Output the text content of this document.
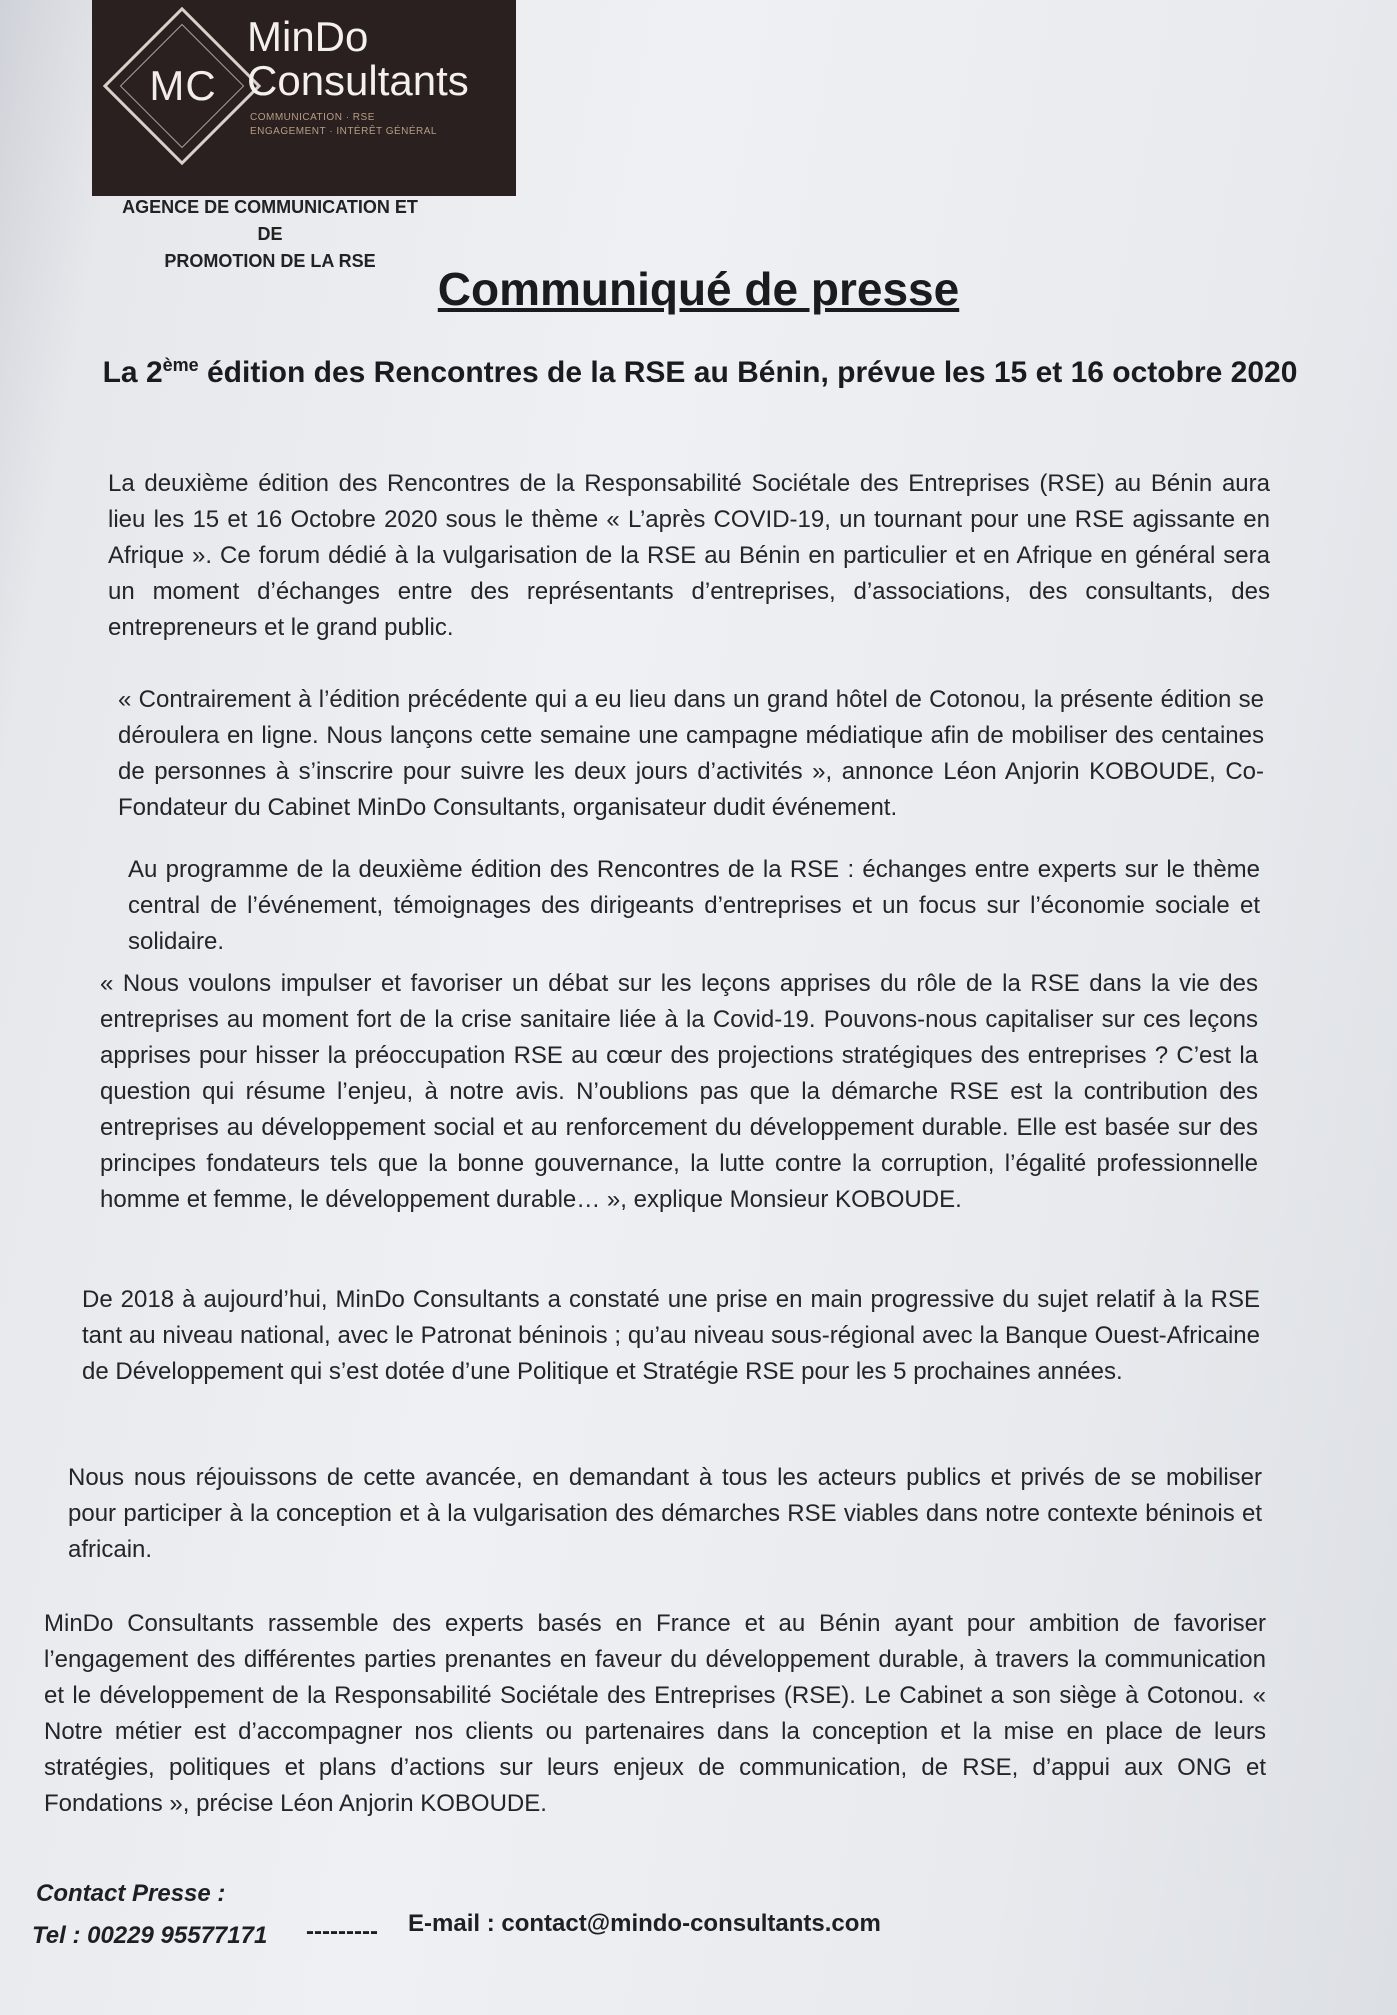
MC
MinDo
Consultants
COMMUNICATION · RSE
ENGAGEMENT · INTÉRÊT GÉNÉRAL
AGENCE DE COMMUNICATION ET DE
PROMOTION DE LA RSE
Communiqué de presse
La 2ème édition des Rencontres de la RSE au Bénin, prévue les 15 et 16 octobre 2020

La deuxième édition des Rencontres de la Responsabilité Sociétale des Entreprises (RSE) au Bénin aura lieu les 15 et 16 Octobre 2020 sous le thème « L’après COVID-19, un tournant pour une RSE agissante en Afrique ». Ce forum dédié à la vulgarisation de la RSE au Bénin en particulier et en Afrique en général sera un moment d’échanges entre des représentants d’entreprises, d’associations, des consultants, des entrepreneurs et le grand public.

« Contrairement à l’édition précédente qui a eu lieu dans un grand hôtel de Cotonou, la présente édition se déroulera en ligne. Nous lançons cette semaine une campagne médiatique afin de mobiliser des centaines de personnes à s’inscrire pour suivre les deux jours d’activités », annonce Léon Anjorin KOBOUDE, Co-Fondateur du Cabinet MinDo Consultants, organisateur dudit événement.

Au programme de la deuxième édition des Rencontres de la RSE : échanges entre experts sur le thème central de l’événement, témoignages des dirigeants d’entreprises et un focus sur l’économie sociale et solidaire.

« Nous voulons impulser et favoriser un débat sur les leçons apprises du rôle de la RSE dans la vie des entreprises au moment fort de la crise sanitaire liée à la Covid-19. Pouvons-nous capitaliser sur ces leçons apprises pour hisser la préoccupation RSE au cœur des projections stratégiques des entreprises ? C’est la question qui résume l’enjeu, à notre avis. N’oublions pas que la démarche RSE est la contribution des entreprises au développement social et au renforcement du développement durable. Elle est basée sur des principes fondateurs tels que la bonne gouvernance, la lutte contre la corruption, l’égalité professionnelle homme et femme, le développement durable… », explique Monsieur KOBOUDE.

De 2018 à aujourd’hui, MinDo Consultants a constaté une prise en main progressive du sujet relatif à la RSE tant au niveau national, avec le Patronat béninois ; qu’au niveau sous-régional avec la Banque Ouest-Africaine de Développement qui s’est dotée d’une Politique et Stratégie RSE pour les 5 prochaines années.

Nous nous réjouissons de cette avancée, en demandant à tous les acteurs publics et privés de se mobiliser pour participer à la conception et à la vulgarisation des démarches RSE viables dans notre contexte béninois et africain.

MinDo Consultants rassemble des experts basés en France et au Bénin ayant pour ambition de favoriser l’engagement des différentes parties prenantes en faveur du développement durable, à travers la communication et le développement de la Responsabilité Sociétale des Entreprises (RSE). Le Cabinet a son siège à Cotonou. « Notre métier est d’accompagner nos clients ou partenaires dans la conception et la mise en place de leurs stratégies, politiques et plans d’actions sur leurs enjeux de communication, de RSE, d’appui aux ONG et Fondations », précise Léon Anjorin KOBOUDE.

Contact Presse :
Tel : 00229 95577171 --------- E-mail : contact@mindo-consultants.com
